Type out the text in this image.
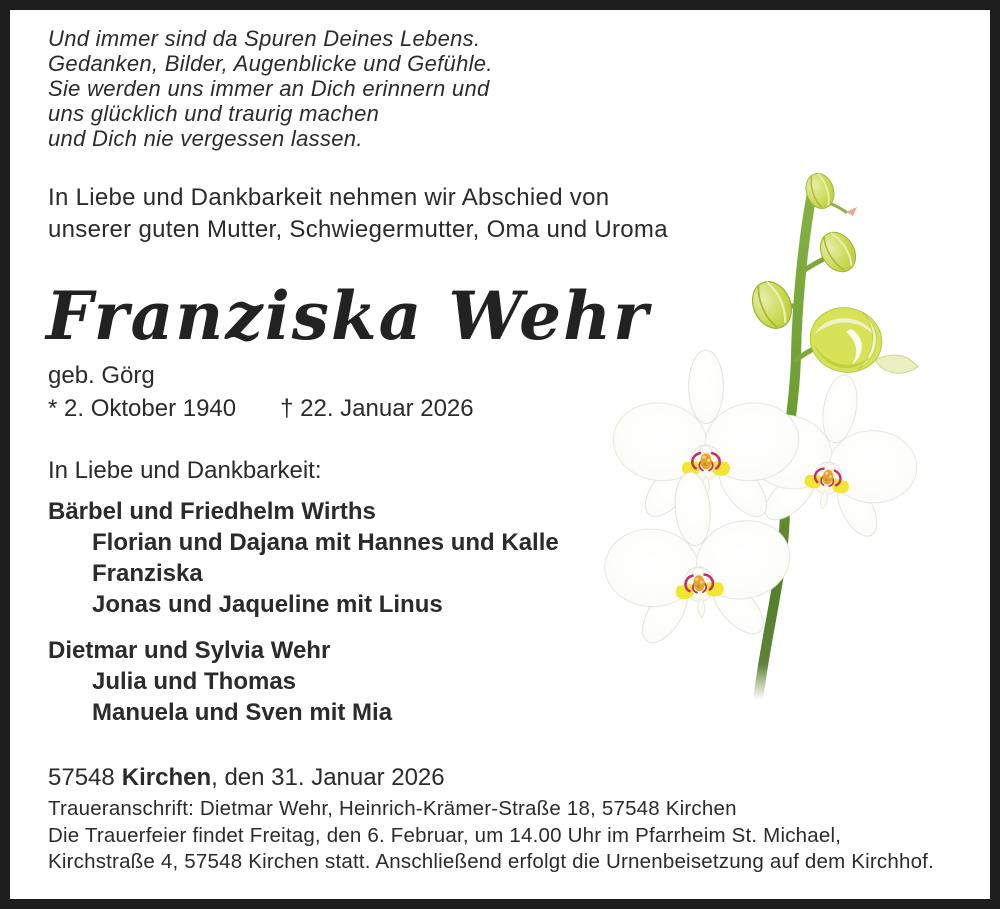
Und immer sind da Spuren Deines Lebens.
Gedanken, Bilder, Augenblicke und Gefühle.
Sie werden uns immer an Dich erinnern und
uns glücklich und traurig machen
und Dich nie vergessen lassen.
In Liebe und Dankbarkeit nehmen wir Abschied von
unserer guten Mutter, Schwiegermutter, Oma und Uroma
Franziska Wehr
geb. Görg
* 2. Oktober 1940 † 22. Januar 2026
In Liebe und Dankbarkeit:
Bärbel und Friedhelm Wirths
Florian und Dajana mit Hannes und Kalle
Franziska
Jonas und Jaqueline mit Linus
Dietmar und Sylvia Wehr
Julia und Thomas
Manuela und Sven mit Mia
57548 Kirchen, den 31. Januar 2026
Traueranschrift: Dietmar Wehr, Heinrich-Krämer-Straße 18, 57548 Kirchen
Die Trauerfeier findet Freitag, den 6. Februar, um 14.00 Uhr im Pfarrheim St. Michael,
Kirchstraße 4, 57548 Kirchen statt. Anschließend erfolgt die Urnenbeisetzung auf dem Kirchhof.
